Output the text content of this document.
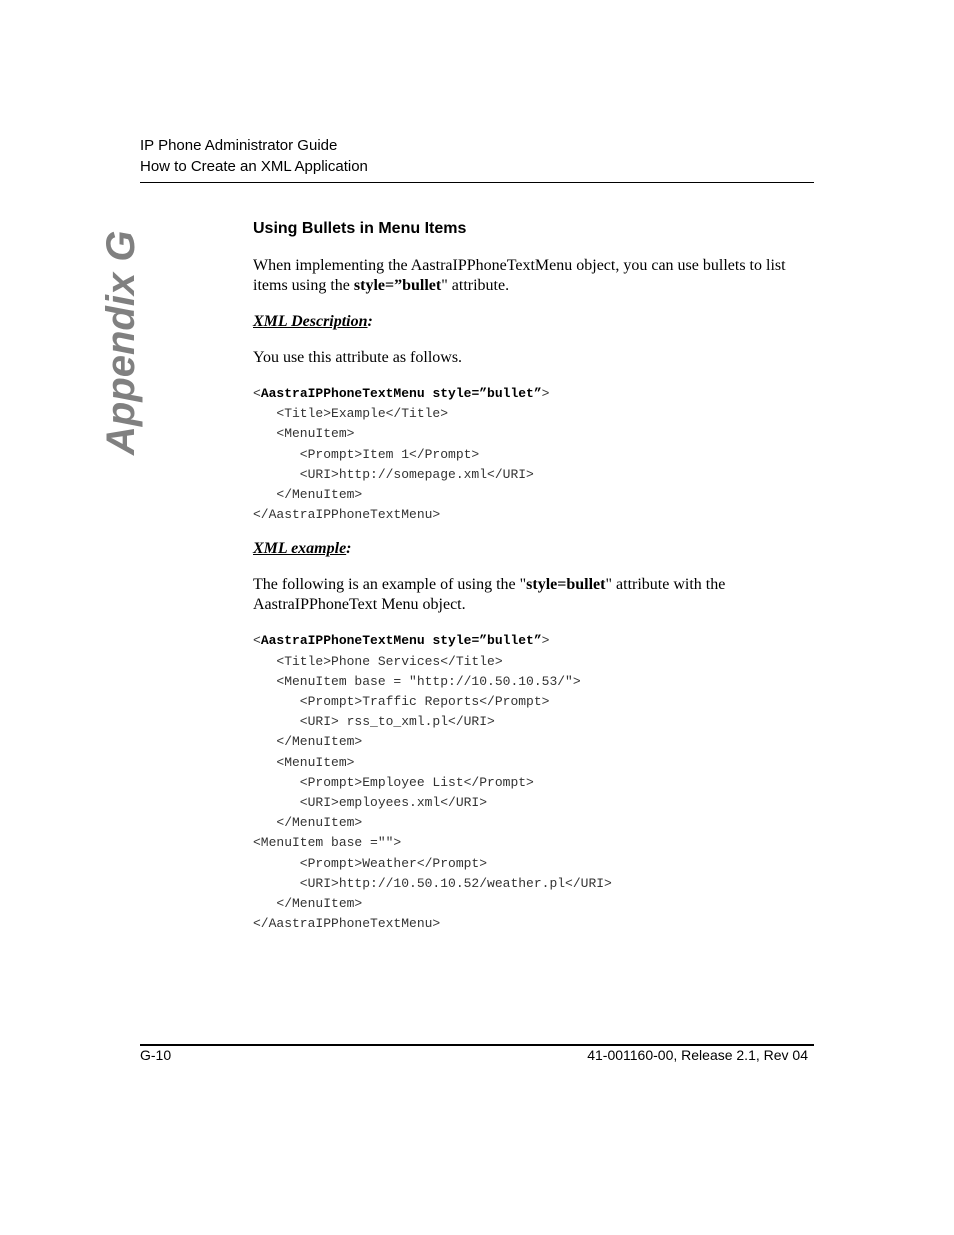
IP Phone Administrator Guide
How to Create an XML Application
Appendix G
Using Bullets in Menu Items

When implementing the AastraIPPhoneTextMenu object, you can use bullets to list items using the style=”bullet" attribute.

XML Description:

You use this attribute as follows.

<AastraIPPhoneTextMenu style=”bullet”>
<Title>Example</Title>
<MenuItem>
<Prompt>Item 1</Prompt>
<URI>http://somepage.xml</URI>
</MenuItem>
</AastraIPPhoneTextMenu>
XML example:

The following is an example of using the "style=bullet" attribute with the AastraIPPhoneText Menu object.

<AastraIPPhoneTextMenu style=”bullet”>
<Title>Phone Services</Title>
<MenuItem base = "http://10.50.10.53/">
<Prompt>Traffic Reports</Prompt>
<URI> rss_to_xml.pl</URI>
</MenuItem>
<MenuItem>
<Prompt>Employee List</Prompt>
<URI>employees.xml</URI>
</MenuItem>
<MenuItem base ="">
<Prompt>Weather</Prompt>
<URI>http://10.50.10.52/weather.pl</URI>
</MenuItem>
</AastraIPPhoneTextMenu>
G-10	41-001160-00, Release 2.1, Rev 04
